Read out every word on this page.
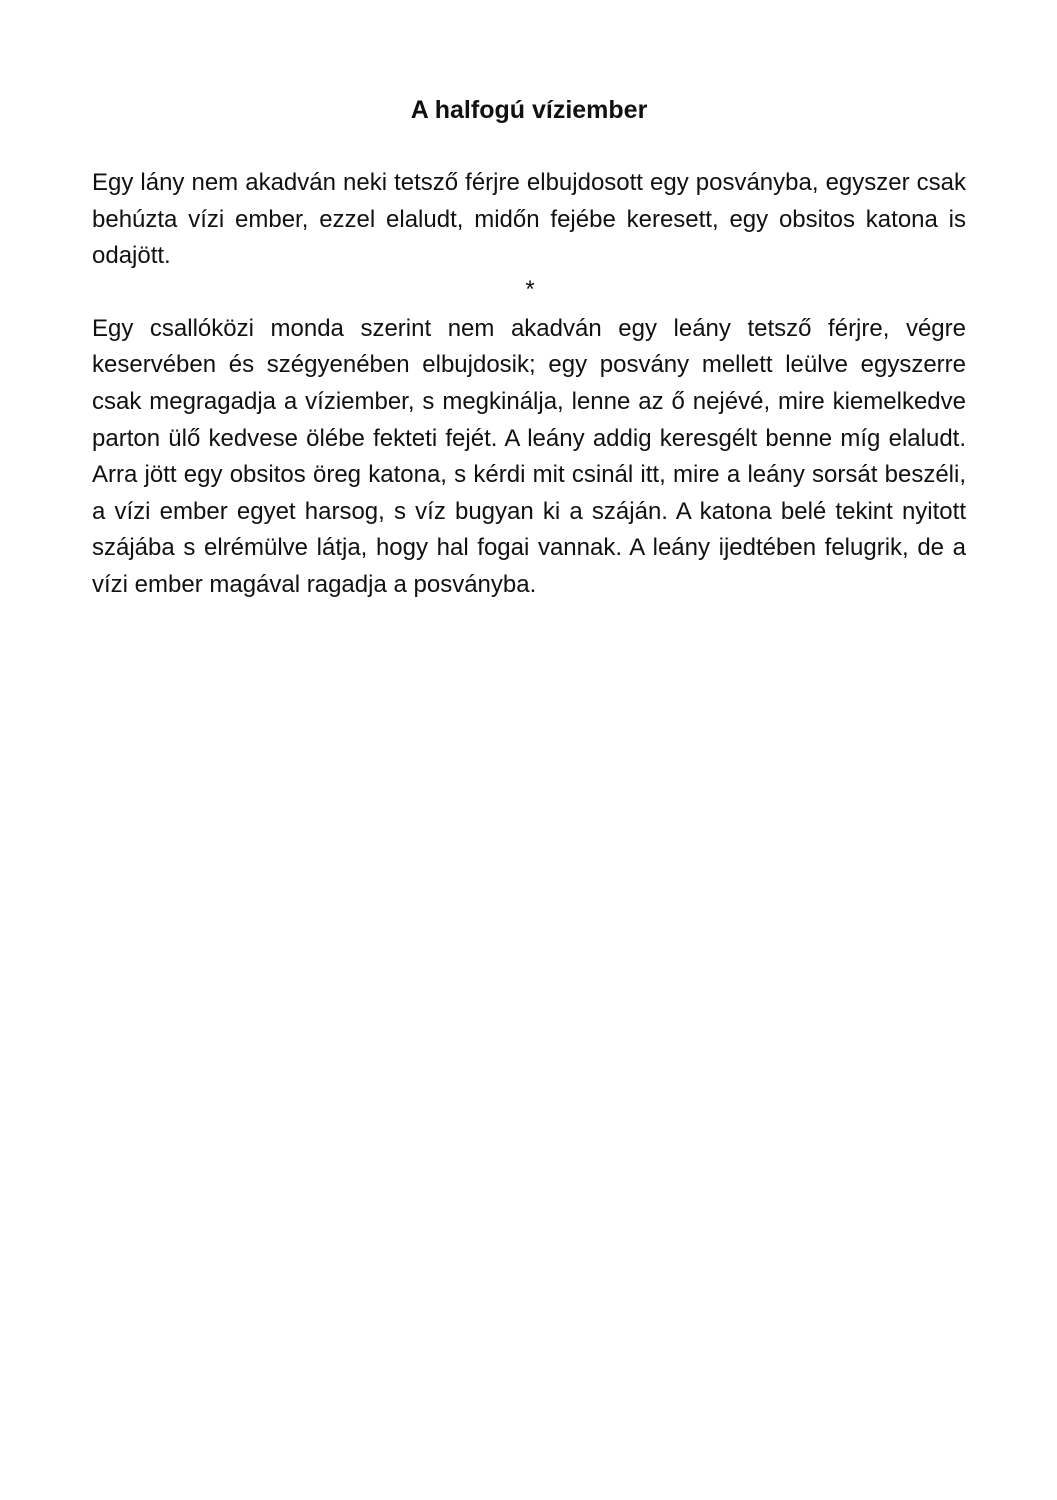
A halfogú víziember

Egy lány nem akadván neki tetsző férjre elbujdosott egy posványba, egyszer csak behúzta vízi ember, ezzel elaludt, midőn fejébe keresett, egy obsitos katona is odajött.

*

Egy csallóközi monda szerint nem akadván egy leány tetsző férjre, végre keservében és szégyenében elbujdosik; egy posvány mellett leülve egyszerre csak megragadja a víziember, s megkinálja, lenne az ő nejévé, mire kiemelkedve parton ülő kedvese ölébe fekteti fejét. A leány addig keresgélt benne míg elaludt. Arra jött egy obsitos öreg katona, s kérdi mit csinál itt, mire a leány sorsát beszéli, a vízi ember egyet harsog, s víz bugyan ki a száján. A katona belé tekint nyitott szájába s elrémülve látja, hogy hal fogai vannak. A leány ijedtében felugrik, de a vízi ember magával ragadja a posványba.
